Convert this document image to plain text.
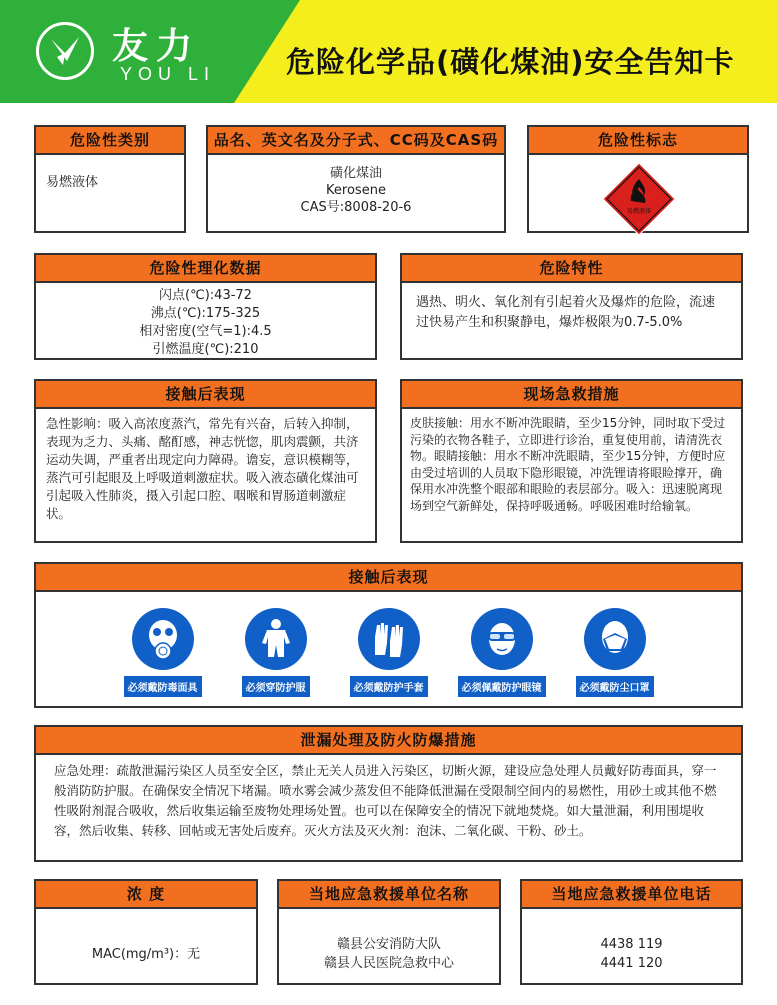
友力
YOU LI 危险化学品(磺化煤油)安全告知卡
危险性类别
易燃液体
品名、英文名及分子式、CC码及CAS码
磺化煤油
Kerosene
CAS号:8008-20-6
危险性标志
易燃液体
危险性理化数据
闪点(℃):43-72
沸点(℃):175-325
相对密度(空气=1):4.5
引燃温度(℃):210
危险特性
遇热、明火、氧化剂有引起着火及爆炸的危险，流速过快易产生和积聚静电，爆炸极限为0.7-5.0%
接触后表现
急性影响：吸入高浓度蒸汽，常先有兴奋，后转入抑制，表现为乏力、头痛、酩酊感，神志恍惚，肌肉震颤，共济运动失调，严重者出现定向力障碍。谵妄，意识模糊等，蒸汽可引起眼及上呼吸道刺激症状。吸入液态磺化煤油可引起吸入性肺炎，摄入引起口腔、咽喉和胃肠道刺激症状。
现场急救措施
皮肤接触：用水不断冲洗眼睛，至少15分钟，同时取下受过污染的衣物各鞋子，立即进行诊治，重复使用前，请清洗衣物。眼睛接触：用水不断冲洗眼睛，至少15分钟，方便时应由受过培训的人员取下隐形眼镜，冲洗锂请将眼睑撑开，确保用水冲洗整个眼部和眼睑的表层部分。吸入：迅速脱离现场到空气新鲜处，保持呼吸通畅。呼吸困难时给输氧。
接触后表现
必须戴防毒面具	必须穿防护服	必须戴防护手套	必须佩戴防护眼镜	必须戴防尘口罩
泄漏处理及防火防爆措施
应急处理：疏散泄漏污染区人员至安全区，禁止无关人员进入污染区，切断火源，建设应急处理人员戴好防毒面具，穿一般消防防护服。在确保安全情况下堵漏。喷水雾会减少蒸发但不能降低泄漏在受限制空间内的易燃性，用砂土或其他不燃性吸附剂混合吸收，然后收集运输至废物处理场处置。也可以在保障安全的情况下就地焚烧。如大量泄漏，利用围堤收容，然后收集、转移、回帖或无害处后废弃。灭火方法及灭火剂：泡沫、二氧化碳、干粉、砂土。
浓 度
MAC(mg/m³)：无
当地应急救援单位名称
赣县公安消防大队
赣县人民医院急救中心
当地应急救援单位电话
4438 119
4441 120
